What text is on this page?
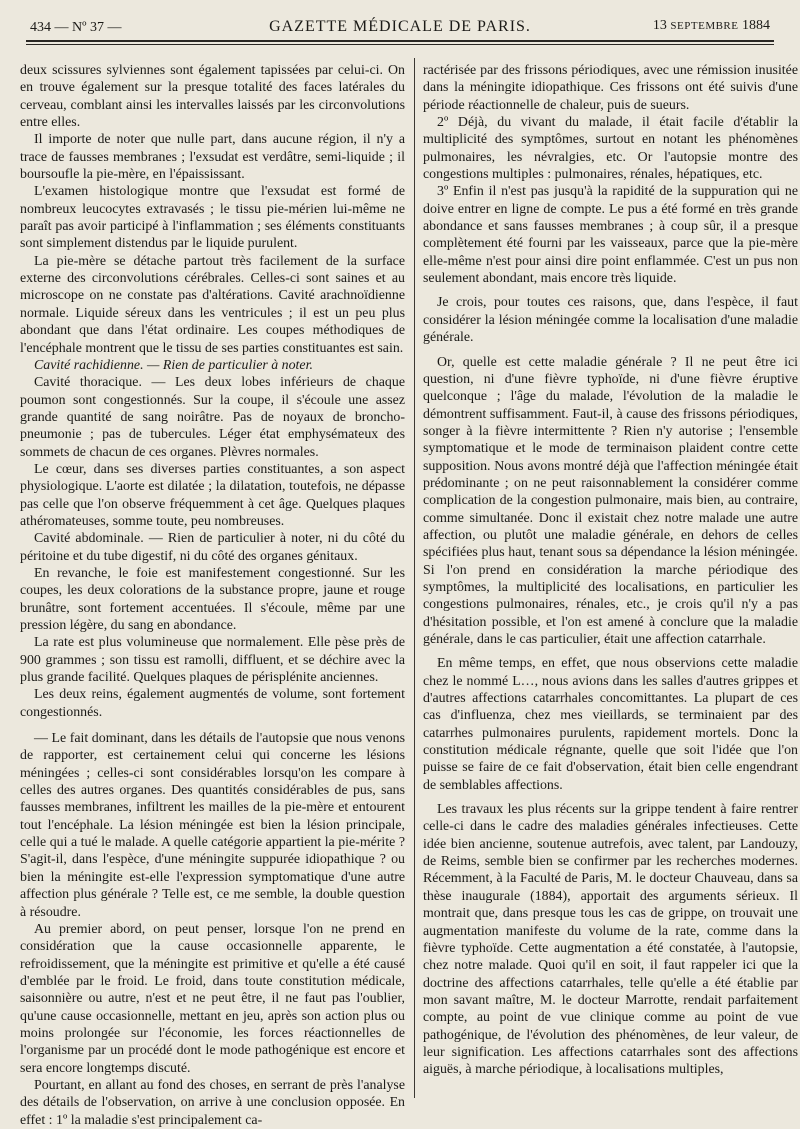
434 — Nº 37 —	GAZETTE MÉDICALE DE PARIS.	13 SEPTEMBRE 1884

deux scissures sylviennes sont également tapissées par celui-ci. On en trouve également sur la presque totalité des faces latérales du cerveau, comblant ainsi les intervalles laissés par les circonvolutions entre elles.

Il importe de noter que nulle part, dans aucune région, il n'y a trace de fausses membranes ; l'exsudat est verdâtre, semi-liquide ; il boursoufle la pie-mère, en l'épaississant.

L'examen histologique montre que l'exsudat est formé de nombreux leucocytes extravasés ; le tissu pie-mérien lui-même ne paraît pas avoir participé à l'inflammation ; ses éléments constituants sont simplement distendus par le liquide purulent.

La pie-mère se détache partout très facilement de la surface externe des circonvolutions cérébrales. Celles-ci sont saines et au microscope on ne constate pas d'altérations. Cavité arachnoïdienne normale. Liquide séreux dans les ventricules ; il est un peu plus abondant que dans l'état ordinaire. Les coupes méthodiques de l'encéphale montrent que le tissu de ses parties constituantes est sain.

Cavité rachidienne. — Rien de particulier à noter.

Cavité thoracique. — Les deux lobes inférieurs de chaque poumon sont congestionnés. Sur la coupe, il s'écoule une assez grande quantité de sang noirâtre. Pas de noyaux de broncho-pneumonie ; pas de tubercules. Léger état emphysémateux des sommets de chacun de ces organes. Plèvres normales.

Le cœur, dans ses diverses parties constituantes, a son aspect physiologique. L'aorte est dilatée ; la dilatation, toutefois, ne dépasse pas celle que l'on observe fréquemment à cet âge. Quelques plaques athéromateuses, somme toute, peu nombreuses.

Cavité abdominale. — Rien de particulier à noter, ni du côté du péritoine et du tube digestif, ni du côté des organes génitaux.

En revanche, le foie est manifestement congestionné. Sur les coupes, les deux colorations de la substance propre, jaune et rouge brunâtre, sont fortement accentuées. Il s'écoule, même par une pression légère, du sang en abondance.

La rate est plus volumineuse que normalement. Elle pèse près de 900 grammes ; son tissu est ramolli, diffluent, et se déchire avec la plus grande facilité. Quelques plaques de périsplénite anciennes.

Les deux reins, également augmentés de volume, sont fortement congestionnés.

— Le fait dominant, dans les détails de l'autopsie que nous venons de rapporter, est certainement celui qui concerne les lésions méningées ; celles-ci sont considérables lorsqu'on les compare à celles des autres organes. Des quantités considérables de pus, sans fausses membranes, infiltrent les mailles de la pie-mère et entourent tout l'encéphale. La lésion méningée est bien la lésion principale, celle qui a tué le malade. A quelle catégorie appartient la pie-mérite ? S'agit-il, dans l'espèce, d'une méningite suppurée idiopathique ? ou bien la méningite est-elle l'expression symptomatique d'une autre affection plus générale ? Telle est, ce me semble, la double question à résoudre.

Au premier abord, on peut penser, lorsque l'on ne prend en considération que la cause occasionnelle apparente, le refroidissement, que la méningite est primitive et qu'elle a été causé d'emblée par le froid. Le froid, dans toute constitution médicale, saisonnière ou autre, n'est et ne peut être, il ne faut pas l'oublier, qu'une cause occasionnelle, mettant en jeu, après son action plus ou moins prolongée sur l'économie, les forces réactionnelles de l'organisme par un procédé dont le mode pathogénique est encore et sera encore longtemps discuté.

Pourtant, en allant au fond des choses, en serrant de près l'analyse des détails de l'observation, on arrive à une conclusion opposée. En effet : 1º la maladie s'est principalement ca-

ractérisée par des frissons périodiques, avec une rémission inusitée dans la méningite idiopathique. Ces frissons ont été suivis d'une période réactionnelle de chaleur, puis de sueurs.

2º Déjà, du vivant du malade, il était facile d'établir la multiplicité des symptômes, surtout en notant les phénomènes pulmonaires, les névralgies, etc. Or l'autopsie montre des congestions multiples : pulmonaires, rénales, hépatiques, etc.

3º Enfin il n'est pas jusqu'à la rapidité de la suppuration qui ne doive entrer en ligne de compte. Le pus a été formé en très grande abondance et sans fausses membranes ; à coup sûr, il a presque complètement été fourni par les vaisseaux, parce que la pie-mère elle-même n'est pour ainsi dire point enflammée. C'est un pus non seulement abondant, mais encore très liquide.

Je crois, pour toutes ces raisons, que, dans l'espèce, il faut considérer la lésion méningée comme la localisation d'une maladie générale.

Or, quelle est cette maladie générale ? Il ne peut être ici question, ni d'une fièvre typhoïde, ni d'une fièvre éruptive quelconque ; l'âge du malade, l'évolution de la maladie le démontrent suffisamment. Faut-il, à cause des frissons périodiques, songer à la fièvre intermittente ? Rien n'y autorise ; l'ensemble symptomatique et le mode de terminaison plaident contre cette supposition. Nous avons montré déjà que l'affection méningée était prédominante ; on ne peut raisonnablement la considérer comme complication de la congestion pulmonaire, mais bien, au contraire, comme simultanée. Donc il existait chez notre malade une autre affection, ou plutôt une maladie générale, en dehors de celles spécifiées plus haut, tenant sous sa dépendance la lésion méningée. Si l'on prend en considération la marche périodique des symptômes, la multiplicité des localisations, en particulier les congestions pulmonaires, rénales, etc., je crois qu'il n'y a pas d'hésitation possible, et l'on est amené à conclure que la maladie générale, dans le cas particulier, était une affection catarrhale.

En même temps, en effet, que nous observions cette maladie chez le nommé L…, nous avions dans les salles d'autres grippes et d'autres affections catarrhales concomittantes. La plupart de ces cas d'influenza, chez mes vieillards, se terminaient par des catarrhes pulmonaires purulents, rapidement mortels. Donc la constitution médicale régnante, quelle que soit l'idée que l'on puisse se faire de ce fait d'observation, était bien celle engendrant de semblables affections.

Les travaux les plus récents sur la grippe tendent à faire rentrer celle-ci dans le cadre des maladies générales infectieuses. Cette idée bien ancienne, soutenue autrefois, avec talent, par Landouzy, de Reims, semble bien se confirmer par les recherches modernes. Récemment, à la Faculté de Paris, M. le docteur Chauveau, dans sa thèse inaugurale (1884), apportait des arguments sérieux. Il montrait que, dans presque tous les cas de grippe, on trouvait une augmentation manifeste du volume de la rate, comme dans la fièvre typhoïde. Cette augmentation a été constatée, à l'autopsie, chez notre malade. Quoi qu'il en soit, il faut rappeler ici que la doctrine des affections catarrhales, telle qu'elle a été établie par mon savant maître, M. le docteur Marrotte, rendait parfaitement compte, au point de vue clinique comme au point de vue pathogénique, de l'évolution des phénomènes, de leur valeur, de leur signification. Les affections catarrhales sont des affections aiguës, à marche périodique, à localisations multiples,
